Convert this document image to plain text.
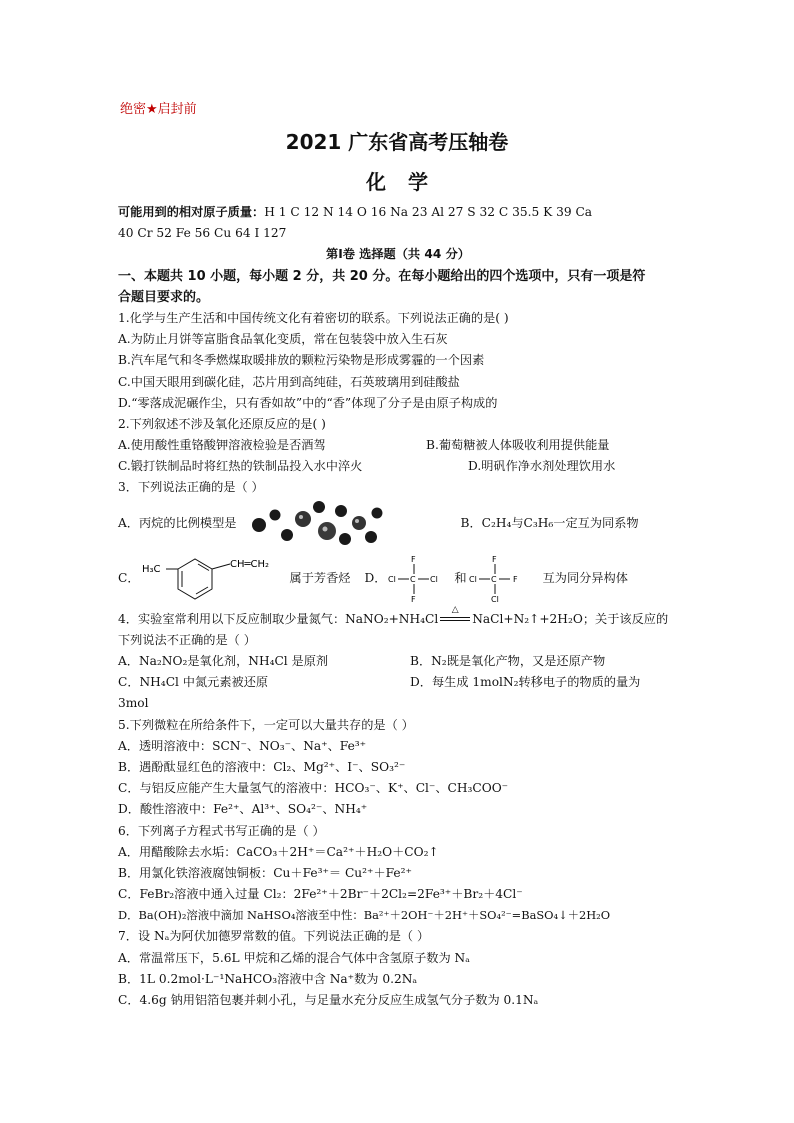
绝密★启封前
2021 广东省高考压轴卷
化学
可能用到的相对原子质量：H 1 C 12 N 14 O 16 Na 23 Al 27 S 32 C 35.5 K 39 Ca
40 Cr 52 Fe 56 Cu 64 I 127
第Ⅰ卷 选择题（共 44 分）
一、本题共 10 小题，每小题 2 分，共 20 分。在每小题给出的四个选项中，只有一项是符
合题目要求的。
1.化学与生产生活和中国传统文化有着密切的联系。下列说法正确的是( )
A.为防止月饼等富脂食品氧化变质，常在包装袋中放入生石灰
B.汽车尾气和冬季燃煤取暖排放的颗粒污染物是形成雾霾的一个因素
C.中国天眼用到碳化硅，芯片用到高纯硅，石英玻璃用到硅酸盐
D.“零落成泥碾作尘，只有香如故”中的“香”体现了分子是由原子构成的
2.下列叙述不涉及氧化还原反应的是( )
A.使用酸性重铬酸钾溶液检验是否酒驾	B.葡萄糖被人体吸收利用提供能量
C.锻打铁制品时将红热的铁制品投入水中淬火	D.明矾作净水剂处理饮用水
3．下列说法正确的是（ ）
A．丙烷的比例模型是	B．C₂H₄与C₃H₆一定互为同系物
C．
H₃C	CH═CH₂
属于芳香烃 D．
F
Cl C Cl
F
和
F
Cl C F
Cl
互为同分异构体
4．实验室常利用以下反应制取少量氮气：NaNO₂+NH₄Cl
△
NaCl+N₂↑+2H₂O；关于该反应的
下列说法不正确的是（ ）
A．Na₂NO₂是氧化剂，NH₄Cl 是原剂	B．N₂既是氧化产物，又是还原产物
C．NH₄Cl 中氮元素被还原	D．每生成 1molN₂转移电子的物质的量为
3mol
5.下列微粒在所给条件下，一定可以大量共存的是（ ）
A．透明溶液中：SCN⁻、NO₃⁻、Na⁺、Fe³⁺
B．遇酚酞显红色的溶液中：Cl₂、Mg²⁺、I⁻、SO₃²⁻
C．与铝反应能产生大量氢气的溶液中：HCO₃⁻、K⁺、Cl⁻、CH₃COO⁻
D．酸性溶液中：Fe²⁺、Al³⁺、SO₄²⁻、NH₄⁺
6．下列离子方程式书写正确的是（ ）
A．用醋酸除去水垢：CaCO₃＋2H⁺＝Ca²⁺＋H₂O＋CO₂↑
B．用氯化铁溶液腐蚀铜板：Cu＋Fe³⁺＝ Cu²⁺＋Fe²⁺
C．FeBr₂溶液中通入过量 Cl₂：2Fe²⁺＋2Br⁻＋2Cl₂=2Fe³⁺＋Br₂＋4Cl⁻
D．Ba(OH)₂溶液中滴加 NaHSO₄溶液至中性：Ba²⁺＋2OH⁻＋2H⁺＋SO₄²⁻=BaSO₄↓＋2H₂O
7．设 Nₐ为阿伏加德罗常数的值。下列说法正确的是（ ）
A．常温常压下，5.6L 甲烷和乙烯的混合气体中含氢原子数为 Nₐ
B．1L 0.2mol·L⁻¹NaHCO₃溶液中含 Na⁺数为 0.2Nₐ
C．4.6g 钠用铝箔包裹并刺小孔，与足量水充分反应生成氢气分子数为 0.1Nₐ
